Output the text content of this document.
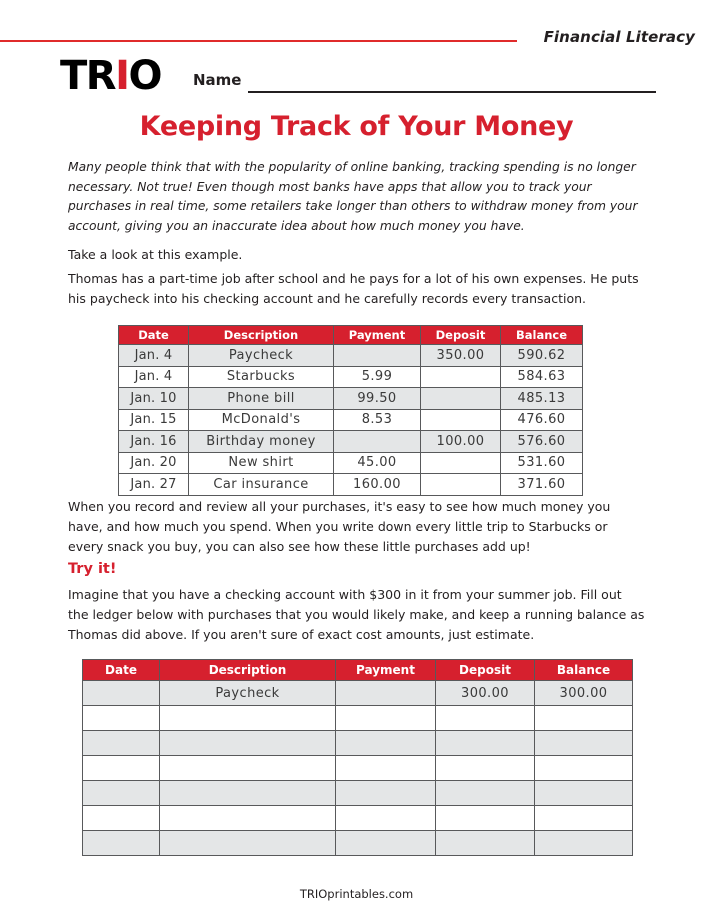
Financial Literacy
TRIO Name
Keeping Track of Your Money
Many people think that with the popularity of online banking, tracking spending is no longer necessary. Not true! Even though most banks have apps that allow you to track your purchases in real time, some retailers take longer than others to withdraw money from your account, giving you an inaccurate idea about how much money you have.
Take a look at this example.
Thomas has a part-time job after school and he pays for a lot of his own expenses. He puts his paycheck into his checking account and he carefully records every transaction.
Date	Description	Payment	Deposit	Balance
Jan. 4	Paycheck		350.00	590.62
Jan. 4	Starbucks	5.99		584.63
Jan. 10	Phone bill	99.50		485.13
Jan. 15	McDonald's	8.53		476.60
Jan. 16	Birthday money		100.00	576.60
Jan. 20	New shirt	45.00		531.60
Jan. 27	Car insurance	160.00		371.60
When you record and review all your purchases, it's easy to see how much money you have, and how much you spend. When you write down every little trip to Starbucks or every snack you buy, you can also see how these little purchases add up!
Try it!
Imagine that you have a checking account with $300 in it from your summer job. Fill out the ledger below with purchases that you would likely make, and keep a running balance as Thomas did above. If you aren't sure of exact cost amounts, just estimate.
Date	Description	Payment	Deposit	Balance
	Paycheck		300.00	300.00

TRIOprintables.com
